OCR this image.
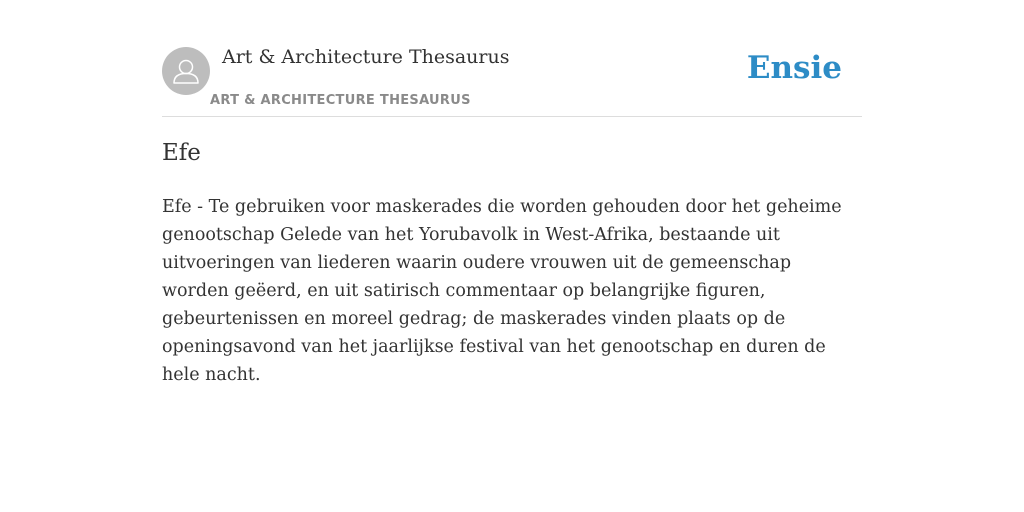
Art & Architecture Thesaurus
ART & ARCHITECTURE THESAURUS
Ensie
Efe

Efe - Te gebruiken voor maskerades die worden gehouden door het geheime genootschap Gelede van het Yorubavolk in West-Afrika, bestaande uit uitvoeringen van liederen waarin oudere vrouwen uit de gemeenschap worden geëerd, en uit satirisch commentaar op belangrijke figuren, gebeurtenissen en moreel gedrag; de maskerades vinden plaats op de openingsavond van het jaarlijkse festival van het genootschap en duren de hele nacht.
